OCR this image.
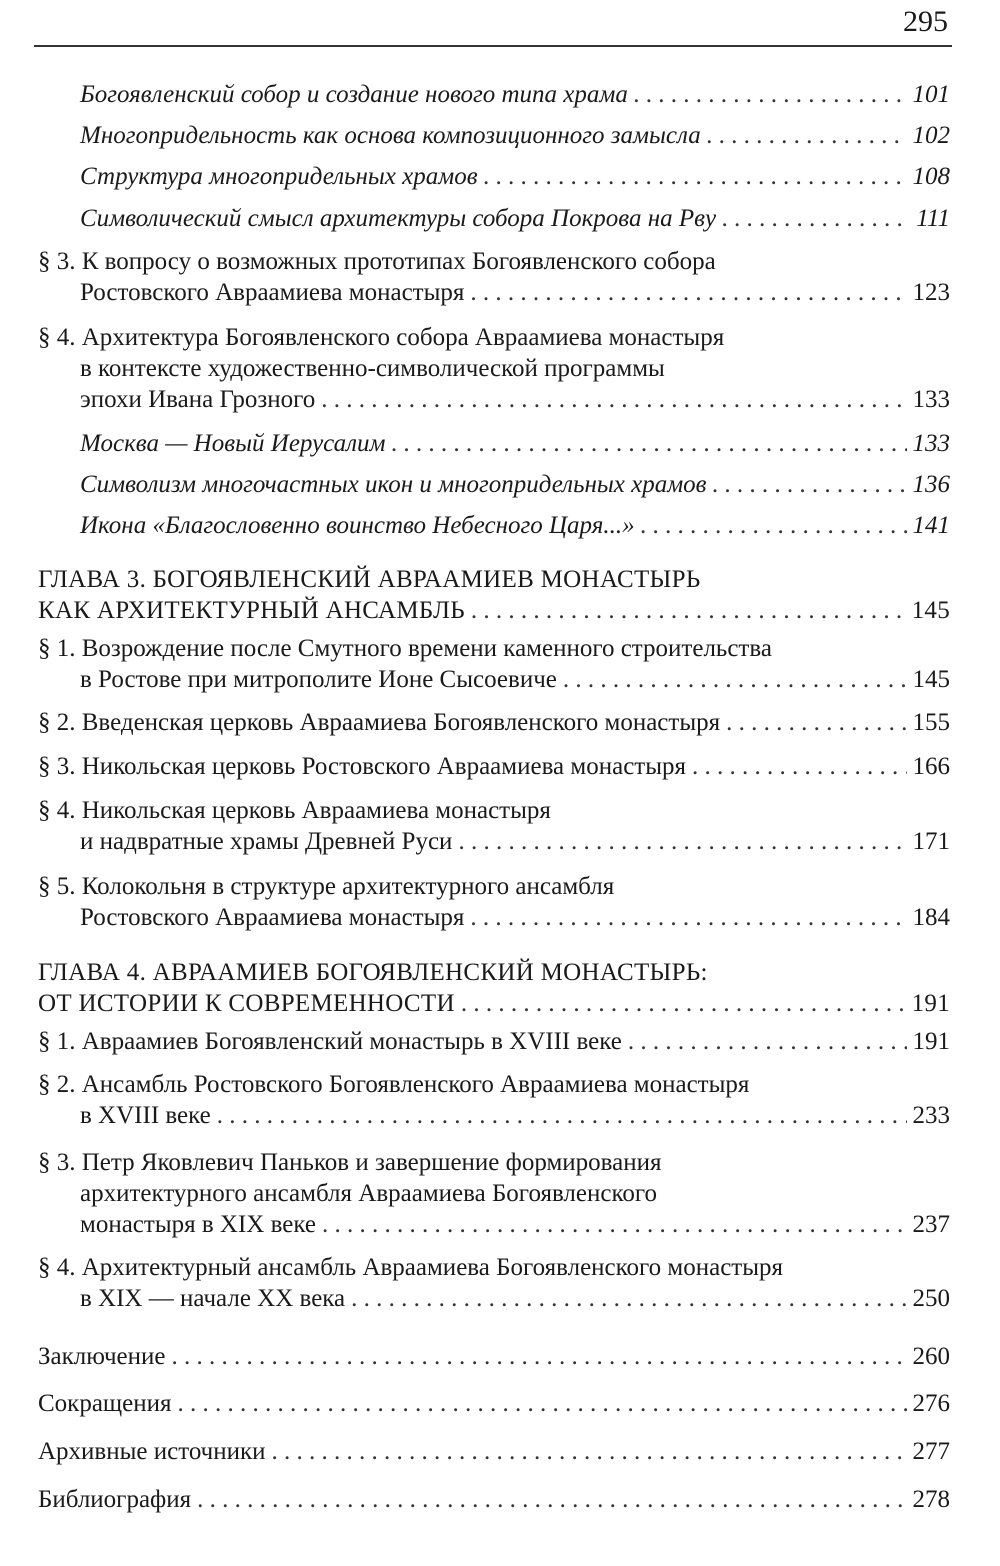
295
Богоявленский собор и создание нового типа храма . . .	101
Многопридельность как основа композиционного замысла . . .	102
Структура многопридельных храмов . . .	108
Символический смысл архитектуры собора Покрова на Рву . . .	111
§ 3. К вопросу о возможных прототипах Богоявленского собора
Ростовского Авраамиева монастыря . . .	123
§ 4. Архитектура Богоявленского собора Авраамиева монастыря
в контексте художественно-символической программы
эпохи Ивана Грозного . . .	133
Москва — Новый Иерусалим . . .	133
Символизм многочастных икон и многопридельных храмов . . .	136
Икона «Благословенно воинство Небесного Царя...» . . .	141
ГЛАВА 3. БОГОЯВЛЕНСКИЙ АВРААМИЕВ МОНАСТЫРЬ
КАК АРХИТЕКТУРНЫЙ АНСАМБЛЬ . . .	145
§ 1. Возрождение после Смутного времени каменного строительства
в Ростове при митрополите Ионе Сысоевиче . . .	145
§ 2. Введенская церковь Авраамиева Богоявленского монастыря . . .	155
§ 3. Никольская церковь Ростовского Авраамиева монастыря . . .	166
§ 4. Никольская церковь Авраамиева монастыря
и надвратные храмы Древней Руси . . .	171
§ 5. Колокольня в структуре архитектурного ансамбля
Ростовского Авраамиева монастыря . . .	184
ГЛАВА 4. АВРААМИЕВ БОГОЯВЛЕНСКИЙ МОНАСТЫРЬ:
ОТ ИСТОРИИ К СОВРЕМЕННОСТИ . . .	191
§ 1. Авраамиев Богоявленский монастырь в XVIII веке . . .	191
§ 2. Ансамбль Ростовского Богоявленского Авраамиева монастыря
в XVIII веке . . .	233
§ 3. Петр Яковлевич Паньков и завершение формирования
архитектурного ансамбля Авраамиева Богоявленского
монастыря в XIX веке . . .	237
§ 4. Архитектурный ансамбль Авраамиева Богоявленского монастыря
в XIX — начале XX века . . .	250
Заключение . . .	260
Сокращения . . .	276
Архивные источники . . .	277
Библиография . . .	278
